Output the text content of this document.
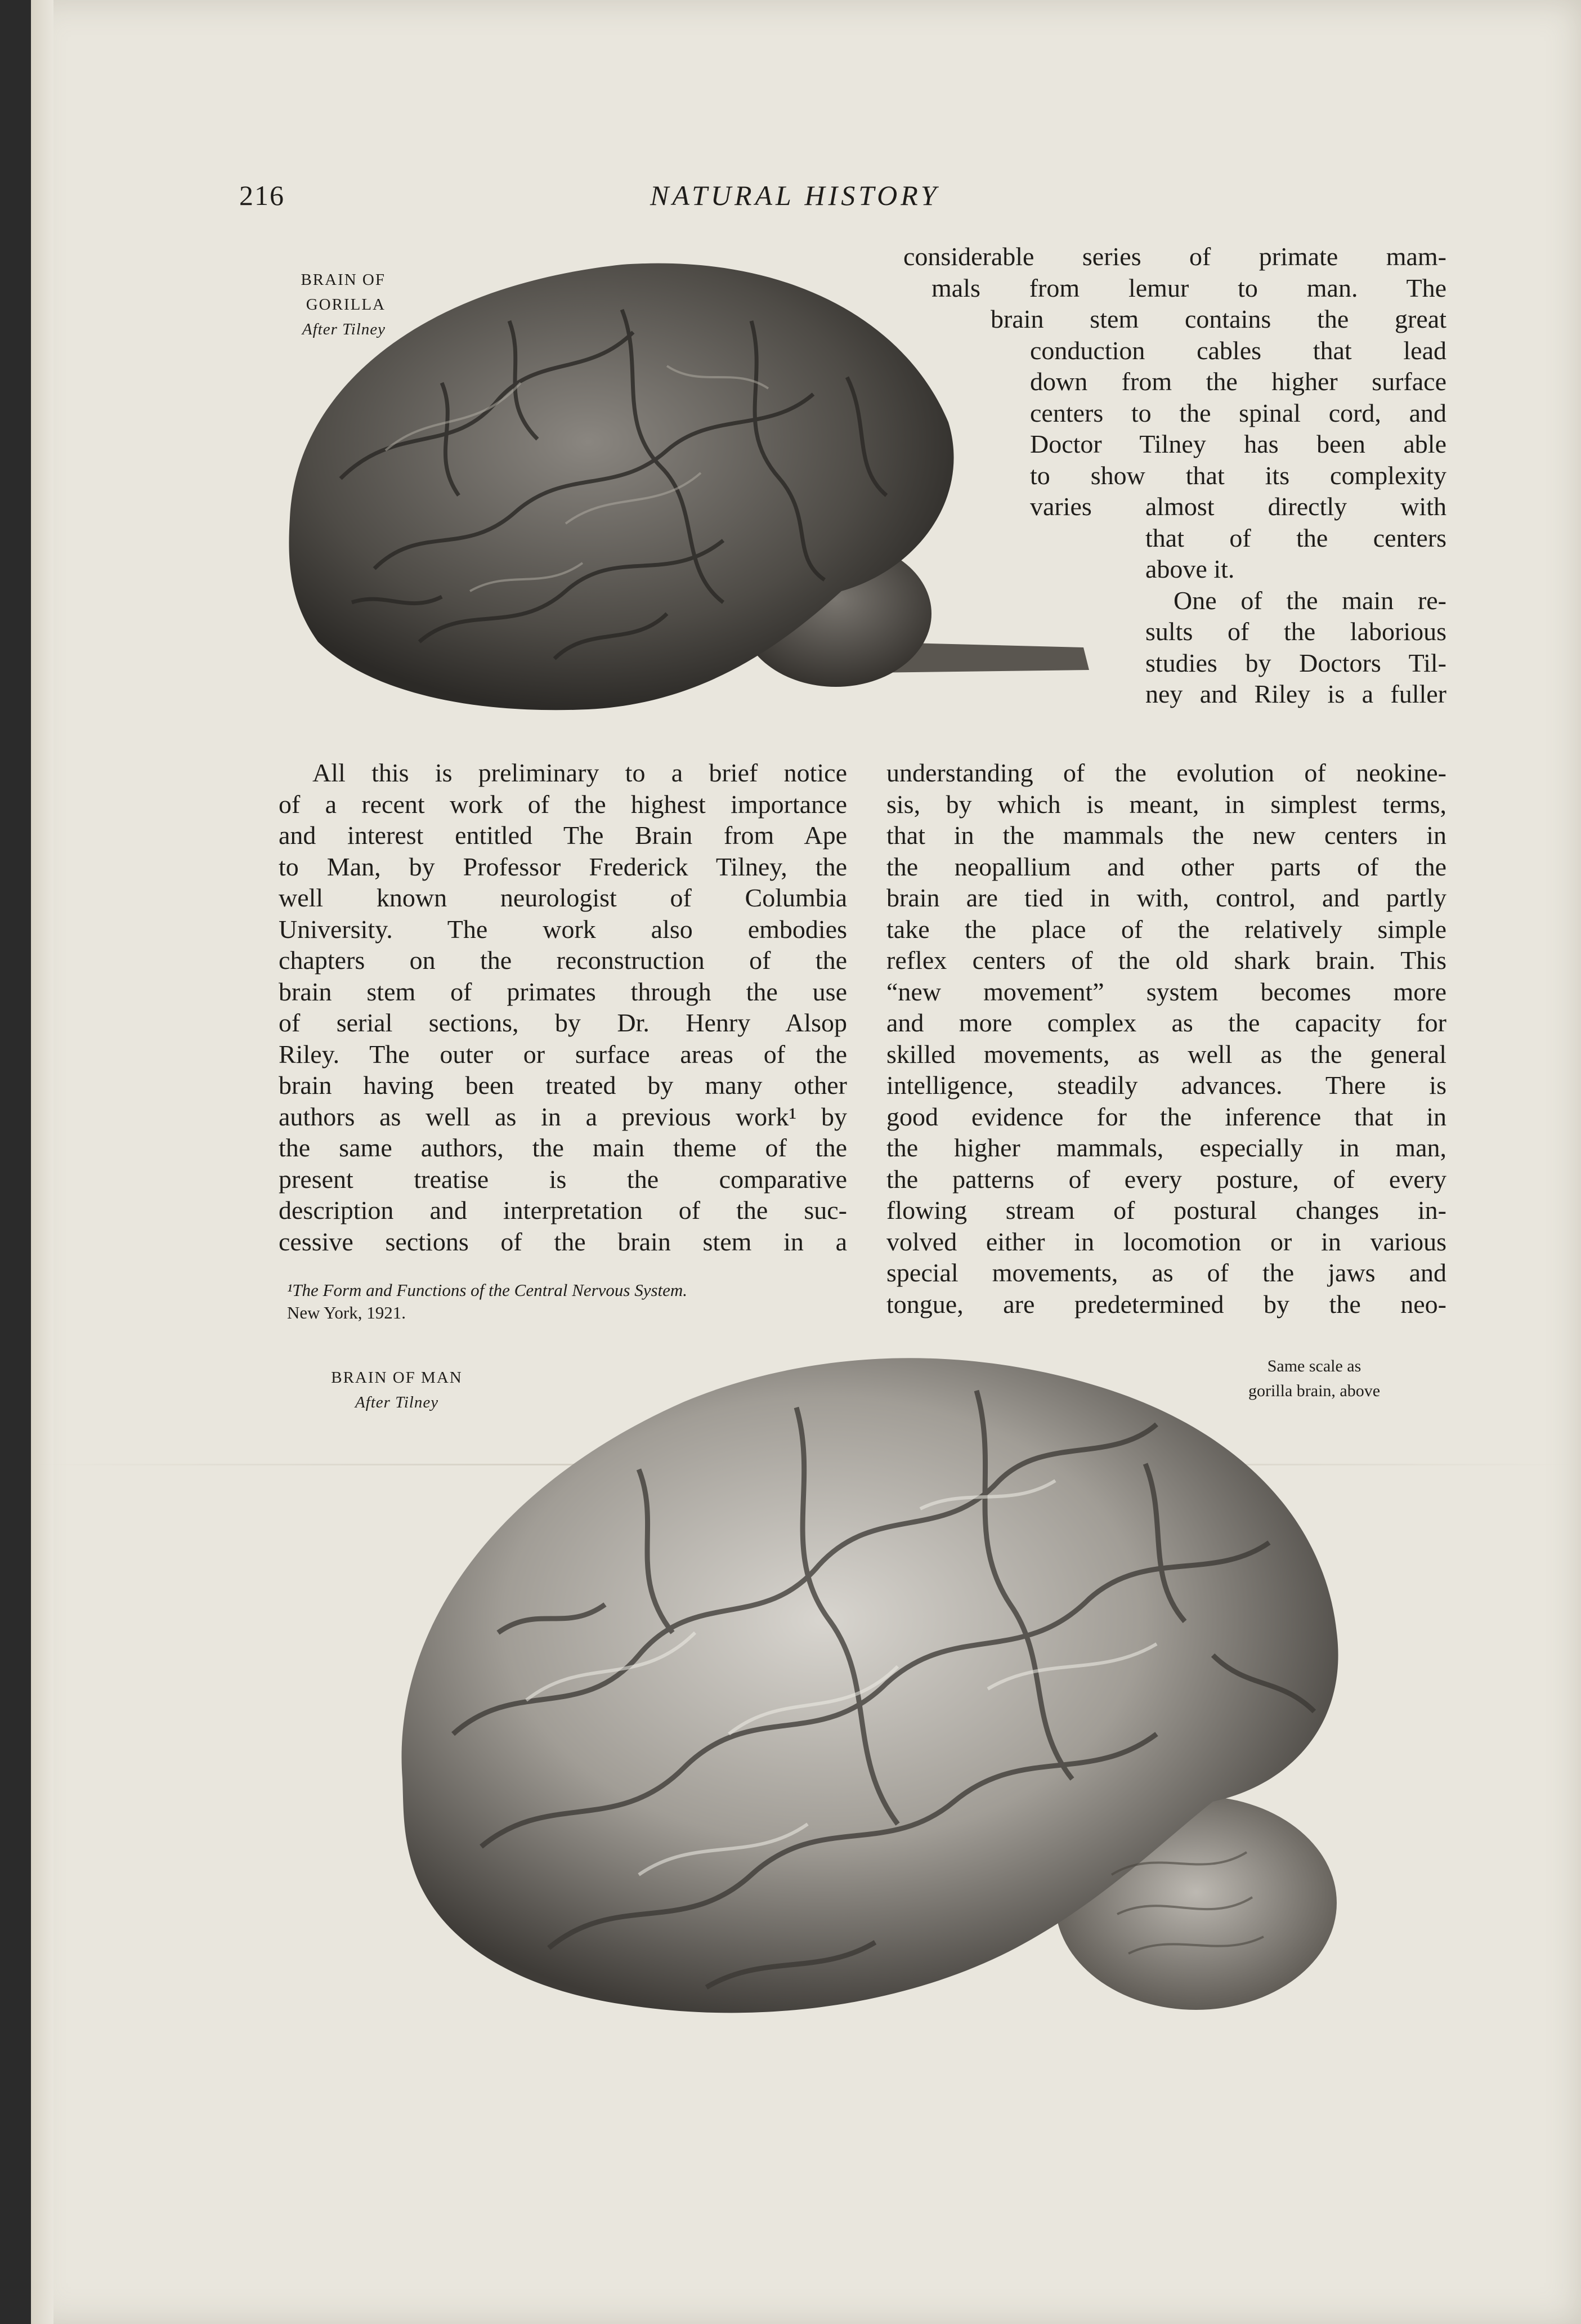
216	NATURAL HISTORY
BRAIN OF
GORILLA
After Tilney
considerable series of primate mam-
mals from lemur to man. The
brain stem contains the great
conduction cables that lead
down from the higher surface
centers to the spinal cord, and
Doctor Tilney has been able
to show that its complexity
varies almost directly with
that of the centers
above it.
One of the main re-
sults of the laborious
studies by Doctors Til-
ney and Riley is a fuller
All this is preliminary to a brief notice
of a recent work of the highest importance
and interest entitled The Brain from Ape
to Man, by Professor Frederick Tilney, the
well known neurologist of Columbia
University. The work also embodies
chapters on the reconstruction of the
brain stem of primates through the use
of serial sections, by Dr. Henry Alsop
Riley. The outer or surface areas of the
brain having been treated by many other
authors as well as in a previous work¹ by
the same authors, the main theme of the
present treatise is the comparative
description and interpretation of the suc-
cessive sections of the brain stem in a
¹The Form and Functions of the Central Nervous System.
New York, 1921.
understanding of the evolution of neokine-
sis, by which is meant, in simplest terms,
that in the mammals the new centers in
the neopallium and other parts of the
brain are tied in with, control, and partly
take the place of the relatively simple
reflex centers of the old shark brain. This
“new movement” system becomes more
and more complex as the capacity for
skilled movements, as well as the general
intelligence, steadily advances. There is
good evidence for the inference that in
the higher mammals, especially in man,
the patterns of every posture, of every
flowing stream of postural changes in-
volved either in locomotion or in various
special movements, as of the jaws and
tongue, are predetermined by the neo-
BRAIN OF MAN
After Tilney
Same scale as
gorilla brain, above
